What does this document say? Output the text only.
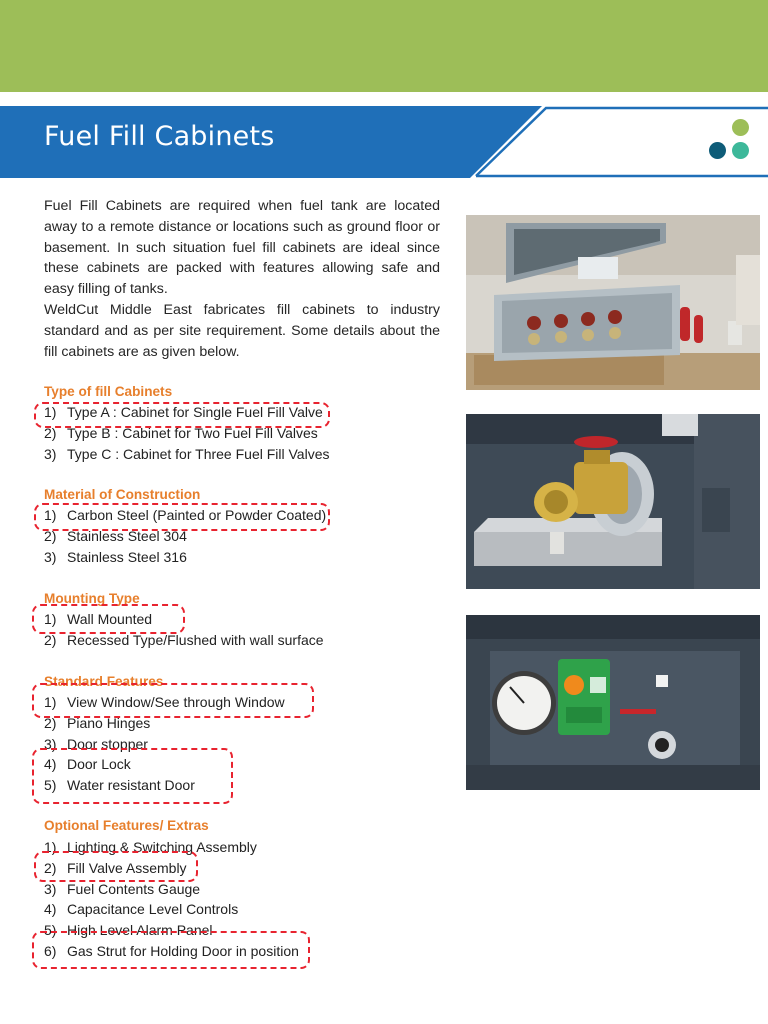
Fuel Fill Cabinets

Fuel Fill Cabinets are required when fuel tank are located away to a remote distance or locations such as ground floor or basement. In such situation fuel fill cabinets are ideal since these cabinets are packed with features allowing safe and easy filling of tanks.

WeldCut Middle East fabricates fill cabinets to industry standard and as per site requirement. Some details about the fill cabinets are as given below.

Type of fill Cabinets
1) Type A : Cabinet for Single Fuel Fill Valve
2) Type B : Cabinet for Two Fuel Fill Valves
3) Type C : Cabinet for Three Fuel Fill Valves
Material of Construction
1) Carbon Steel (Painted or Powder Coated)
2) Stainless Steel 304
3) Stainless Steel 316
Mounting Type
1) Wall Mounted
2) Recessed Type/Flushed with wall surface
Standard Features
1) View Window/See through Window
2) Piano Hinges
3) Door stopper
4) Door Lock
5) Water resistant Door
Optional Features/ Extras
1) Lighting & Switching Assembly
2) Fill Valve Assembly
3) Fuel Contents Gauge
4) Capacitance Level Controls
5) High Level Alarm Panel
6) Gas Strut for Holding Door in position
